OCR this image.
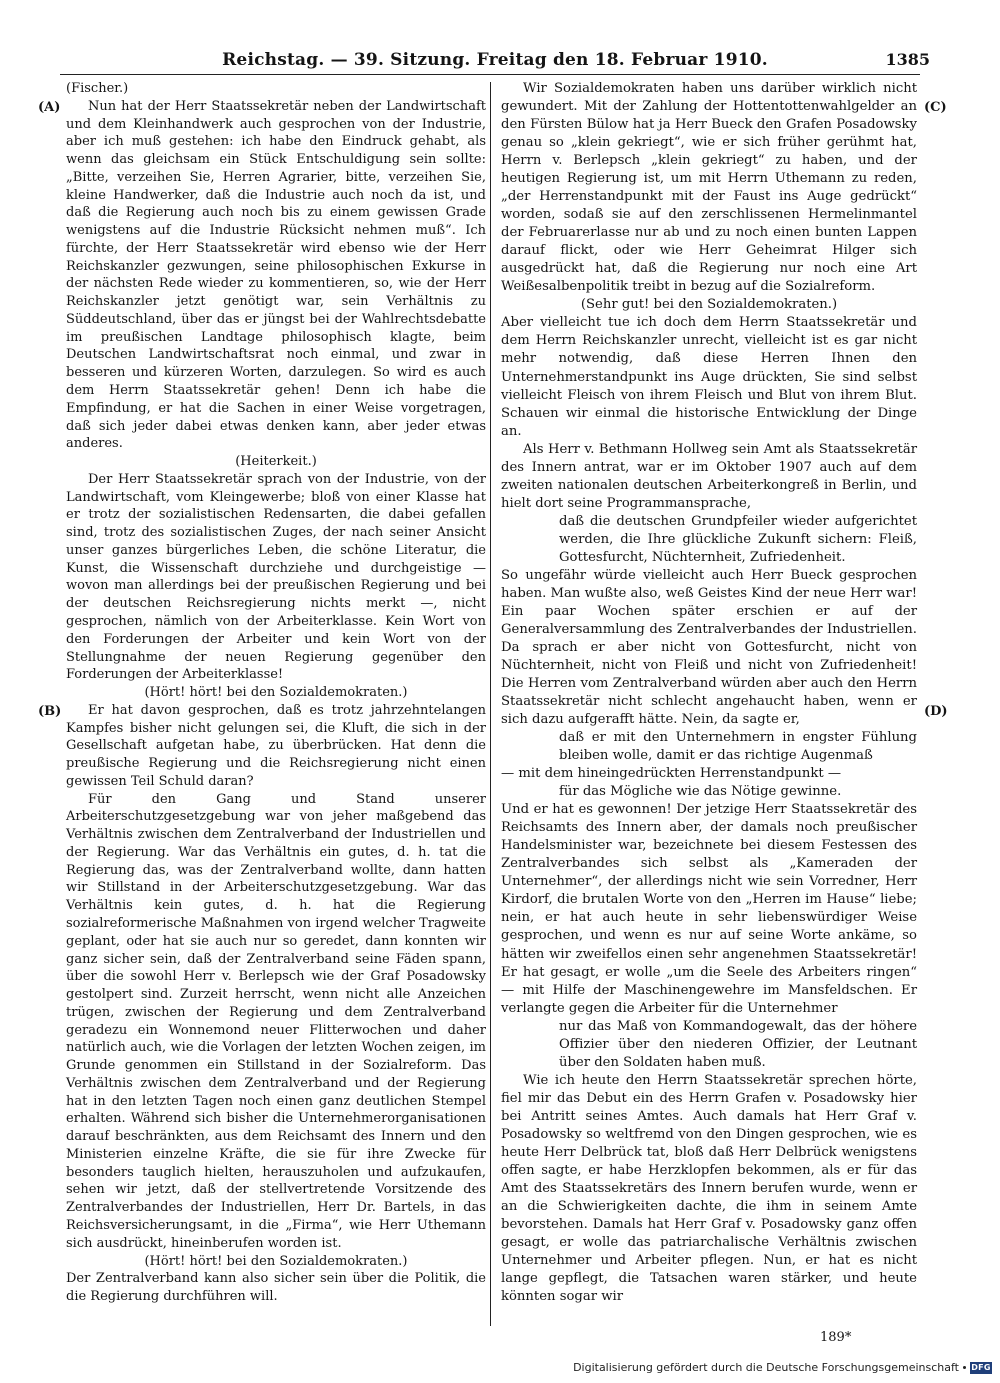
Reichstag. — 39. Sitzung. Freitag den 18. Februar 1910.	1385
(A)
(B)
(C)
(D)

(Fischer.)

Nun hat der Herr Staatssekretär neben der Landwirtschaft und dem Kleinhandwerk auch gesprochen von der Industrie, aber ich muß gestehen: ich habe den Eindruck gehabt, als wenn das gleichsam ein Stück Entschuldigung sein sollte: „Bitte, verzeihen Sie, Herren Agrarier, bitte, verzeihen Sie, kleine Handwerker, daß die Industrie auch noch da ist, und daß die Regierung auch noch bis zu einem gewissen Grade wenigstens auf die Industrie Rücksicht nehmen muß“. Ich fürchte, der Herr Staatssekretär wird ebenso wie der Herr Reichskanzler gezwungen, seine philosophischen Exkurse in der nächsten Rede wieder zu kommentieren, so, wie der Herr Reichskanzler jetzt genötigt war, sein Verhältnis zu Süddeutschland, über das er jüngst bei der Wahlrechtsdebatte im preußischen Landtage philosophisch klagte, beim Deutschen Landwirtschaftsrat noch einmal, und zwar in besseren und kürzeren Worten, darzulegen. So wird es auch dem Herrn Staatssekretär gehen! Denn ich habe die Empfindung, er hat die Sachen in einer Weise vorgetragen, daß sich jeder dabei etwas denken kann, aber jeder etwas anderes.

(Heiterkeit.)

Der Herr Staatssekretär sprach von der Industrie, von der Landwirtschaft, vom Kleingewerbe; bloß von einer Klasse hat er trotz der sozialistischen Redensarten, die dabei gefallen sind, trotz des sozialistischen Zuges, der nach seiner Ansicht unser ganzes bürgerliches Leben, die schöne Literatur, die Kunst, die Wissenschaft durchziehe und durchgeistige — wovon man allerdings bei der preußischen Regierung und bei der deutschen Reichsregierung nichts merkt —, nicht gesprochen, nämlich von der Arbeiterklasse. Kein Wort von den Forderungen der Arbeiter und kein Wort von der Stellungnahme der neuen Regierung gegenüber den Forderungen der Arbeiterklasse!

(Hört! hört! bei den Sozialdemokraten.)

Er hat davon gesprochen, daß es trotz jahrzehntelangen Kampfes bisher nicht gelungen sei, die Kluft, die sich in der Gesellschaft aufgetan habe, zu überbrücken. Hat denn die preußische Regierung und die Reichsregierung nicht einen gewissen Teil Schuld daran?

Für den Gang und Stand unserer Arbeiterschutzgesetzgebung war von jeher maßgebend das Verhältnis zwischen dem Zentralverband der Industriellen und der Regierung. War das Verhältnis ein gutes, d. h. tat die Regierung das, was der Zentralverband wollte, dann hatten wir Stillstand in der Arbeiterschutzgesetzgebung. War das Verhältnis kein gutes, d. h. hat die Regierung sozialreformerische Maßnahmen von irgend welcher Tragweite geplant, oder hat sie auch nur so geredet, dann konnten wir ganz sicher sein, daß der Zentralverband seine Fäden spann, über die sowohl Herr v. Berlepsch wie der Graf Posadowsky gestolpert sind. Zurzeit herrscht, wenn nicht alle Anzeichen trügen, zwischen der Regierung und dem Zentralverband geradezu ein Wonnemond neuer Flitterwochen und daher natürlich auch, wie die Vorlagen der letzten Wochen zeigen, im Grunde genommen ein Stillstand in der Sozialreform. Das Verhältnis zwischen dem Zentralverband und der Regierung hat in den letzten Tagen noch einen ganz deutlichen Stempel erhalten. Während sich bisher die Unternehmerorganisationen darauf beschränkten, aus dem Reichsamt des Innern und den Ministerien einzelne Kräfte, die sie für ihre Zwecke für besonders tauglich hielten, herauszuholen und aufzukaufen, sehen wir jetzt, daß der stellvertretende Vorsitzende des Zentralverbandes der Industriellen, Herr Dr. Bartels, in das Reichsversicherungsamt, in die „Firma“, wie Herr Uthemann sich ausdrückt, hineinberufen worden ist.

(Hört! hört! bei den Sozialdemokraten.)

Der Zentralverband kann also sicher sein über die Politik, die die Regierung durchführen will.

Wir Sozialdemokraten haben uns darüber wirklich nicht gewundert. Mit der Zahlung der Hottentottenwahlgelder an den Fürsten Bülow hat ja Herr Bueck den Grafen Posadowsky genau so „klein gekriegt“, wie er sich früher gerühmt hat, Herrn v. Berlepsch „klein gekriegt“ zu haben, und der heutigen Regierung ist, um mit Herrn Uthemann zu reden, „der Herrenstandpunkt mit der Faust ins Auge gedrückt“ worden, sodaß sie auf den zerschlissenen Hermelinmantel der Februarerlasse nur ab und zu noch einen bunten Lappen darauf flickt, oder wie Herr Geheimrat Hilger sich ausgedrückt hat, daß die Regierung nur noch eine Art Weißesalbenpolitik treibt in bezug auf die Sozialreform.

(Sehr gut! bei den Sozialdemokraten.)

Aber vielleicht tue ich doch dem Herrn Staatssekretär und dem Herrn Reichskanzler unrecht, vielleicht ist es gar nicht mehr notwendig, daß diese Herren Ihnen den Unternehmerstandpunkt ins Auge drückten, Sie sind selbst vielleicht Fleisch von ihrem Fleisch und Blut von ihrem Blut. Schauen wir einmal die historische Entwicklung der Dinge an.

Als Herr v. Bethmann Hollweg sein Amt als Staatssekretär des Innern antrat, war er im Oktober 1907 auch auf dem zweiten nationalen deutschen Arbeiterkongreß in Berlin, und hielt dort seine Programmansprache,

daß die deutschen Grundpfeiler wieder aufgerichtet werden, die Ihre glückliche Zukunft sichern: Fleiß, Gottesfurcht, Nüchternheit, Zufriedenheit.

So ungefähr würde vielleicht auch Herr Bueck gesprochen haben. Man wußte also, weß Geistes Kind der neue Herr war! Ein paar Wochen später erschien er auf der Generalversammlung des Zentralverbandes der Industriellen. Da sprach er aber nicht von Gottesfurcht, nicht von Nüchternheit, nicht von Fleiß und nicht von Zufriedenheit! Die Herren vom Zentralverband würden aber auch den Herrn Staatssekretär nicht schlecht angehaucht haben, wenn er sich dazu aufgerafft hätte. Nein, da sagte er,

daß er mit den Unternehmern in engster Fühlung bleiben wolle, damit er das richtige Augenmaß

— mit dem hineingedrückten Herrenstandpunkt —

für das Mögliche wie das Nötige gewinne.

Und er hat es gewonnen! Der jetzige Herr Staatssekretär des Reichsamts des Innern aber, der damals noch preußischer Handelsminister war, bezeichnete bei diesem Festessen des Zentralverbandes sich selbst als „Kameraden der Unternehmer“, der allerdings nicht wie sein Vorredner, Herr Kirdorf, die brutalen Worte von den „Herren im Hause“ liebe; nein, er hat auch heute in sehr liebenswürdiger Weise gesprochen, und wenn es nur auf seine Worte ankäme, so hätten wir zweifellos einen sehr angenehmen Staatssekretär! Er hat gesagt, er wolle „um die Seele des Arbeiters ringen“ — mit Hilfe der Maschinengewehre im Mansfeldschen. Er verlangte gegen die Arbeiter für die Unternehmer

nur das Maß von Kommandogewalt, das der höhere Offizier über den niederen Offizier, der Leutnant über den Soldaten haben muß.

Wie ich heute den Herrn Staatssekretär sprechen hörte, fiel mir das Debut ein des Herrn Grafen v. Posadowsky hier bei Antritt seines Amtes. Auch damals hat Herr Graf v. Posadowsky so weltfremd von den Dingen gesprochen, wie es heute Herr Delbrück tat, bloß daß Herr Delbrück wenigstens offen sagte, er habe Herzklopfen bekommen, als er für das Amt des Staatssekretärs des Innern berufen wurde, wenn er an die Schwierigkeiten dachte, die ihm in seinem Amte bevorstehen. Damals hat Herr Graf v. Posadowsky ganz offen gesagt, er wolle das patriarchalische Verhältnis zwischen Unternehmer und Arbeiter pflegen. Nun, er hat es nicht lange gepflegt, die Tatsachen waren stärker, und heute könnten sogar wir

189*
Digitalisierung gefördert durch die Deutsche Forschungsgemeinschaft DFG
